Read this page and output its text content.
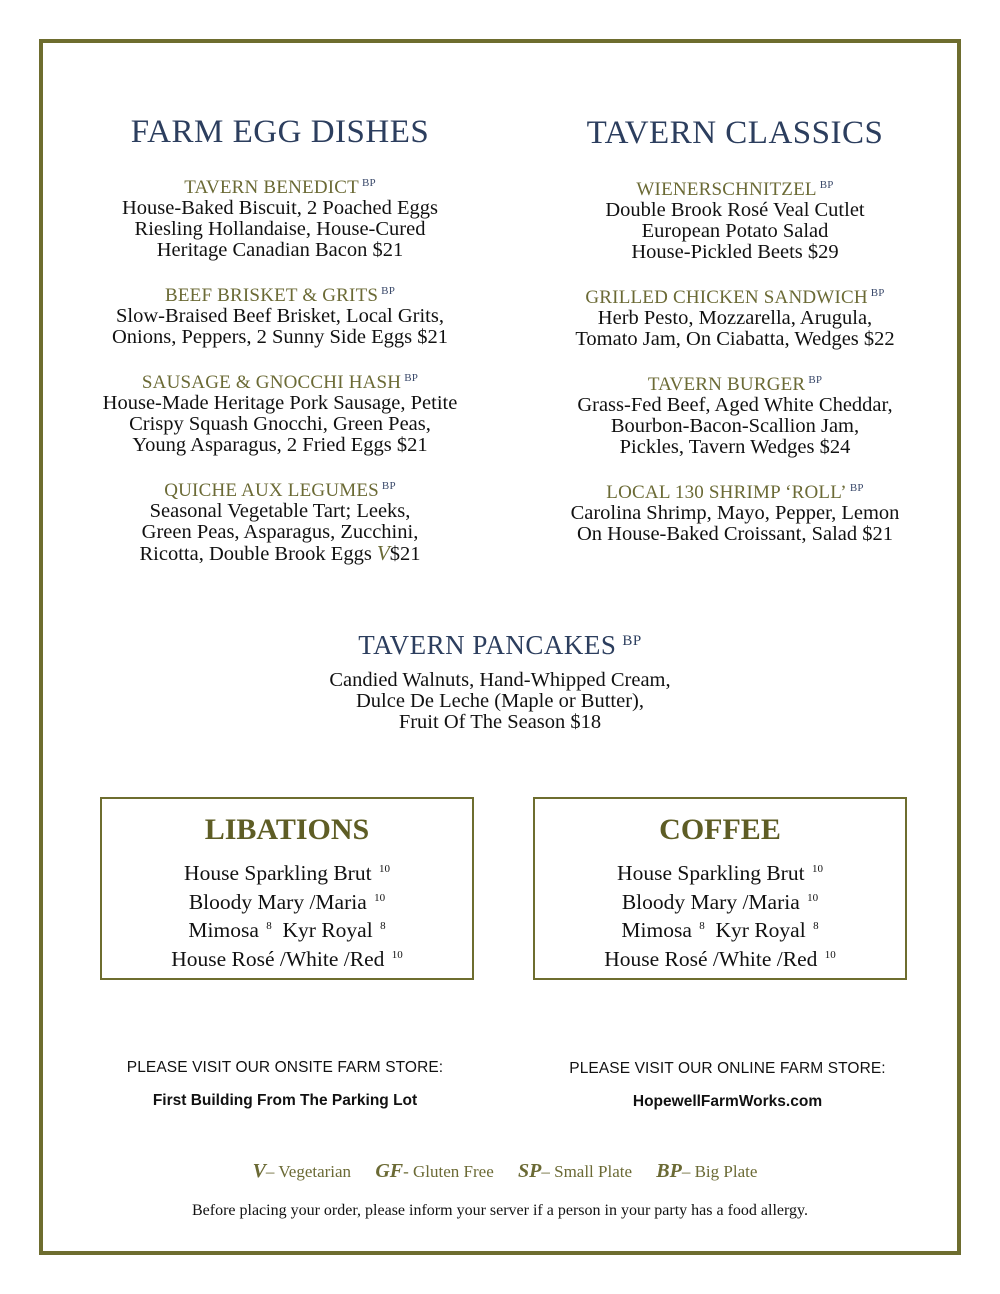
FARM EGG DISHES
TAVERN BENEDICT $^{BP}$
House-Baked Biscuit, 2 Poached Eggs
Riesling Hollandaise, House-Cured
Heritage Canadian Bacon $21
BEEF BRISKET & GRITS $^{BP}$
Slow-Braised Beef Brisket, Local Grits,
Onions, Peppers, 2 Sunny Side Eggs $21
SAUSAGE & GNOCCHI HASH $^{BP}$
House-Made Heritage Pork Sausage, Petite
Crispy Squash Gnocchi, Green Peas,
Young Asparagus, 2 Fried Eggs $21
QUICHE AUX LEGUMES $^{BP}$
Seasonal Vegetable Tart; Leeks,
Green Peas, Asparagus, Zucchini,
Ricotta, Double Brook Eggs V$21
TAVERN CLASSICS
WIENERSCHNITZEL $^{BP}$
Double Brook Rosé Veal Cutlet
European Potato Salad
House-Pickled Beets $29
GRILLED CHICKEN SANDWICH $^{BP}$
Herb Pesto, Mozzarella, Arugula,
Tomato Jam, On Ciabatta, Wedges $22
TAVERN BURGER $^{BP}$
Grass-Fed Beef, Aged White Cheddar,
Bourbon-Bacon-Scallion Jam,
Pickles, Tavern Wedges $24
LOCAL 130 SHRIMP ‘ROLL’ $^{BP}$
Carolina Shrimp, Mayo, Pepper, Lemon
On House-Baked Croissant, Salad $21
TAVERN PANCAKES $^{BP}$
Candied Walnuts, Hand-Whipped Cream,
Dulce De Leche (Maple or Butter),
Fruit Of The Season $18
LIBATIONS
House Sparkling Brut $^{10}$
Bloody Mary /Maria $^{10}$
Mimosa $^8$ Kyr Royal $^8$
House Rosé /White /Red $^{10}$
COFFEE
House Sparkling Brut $^{10}$
Bloody Mary /Maria $^{10}$
Mimosa $^8$ Kyr Royal $^8$
House Rosé /White /Red $^{10}$
PLEASE VISIT OUR ONSITE FARM STORE:
First Building From The Parking Lot
PLEASE VISIT OUR ONLINE FARM STORE:
HopewellFarmWorks.com
V– Vegetarian GF- Gluten Free SP– Small Plate BP– Big Plate
Before placing your order, please inform your server if a person in your party has a food allergy.
